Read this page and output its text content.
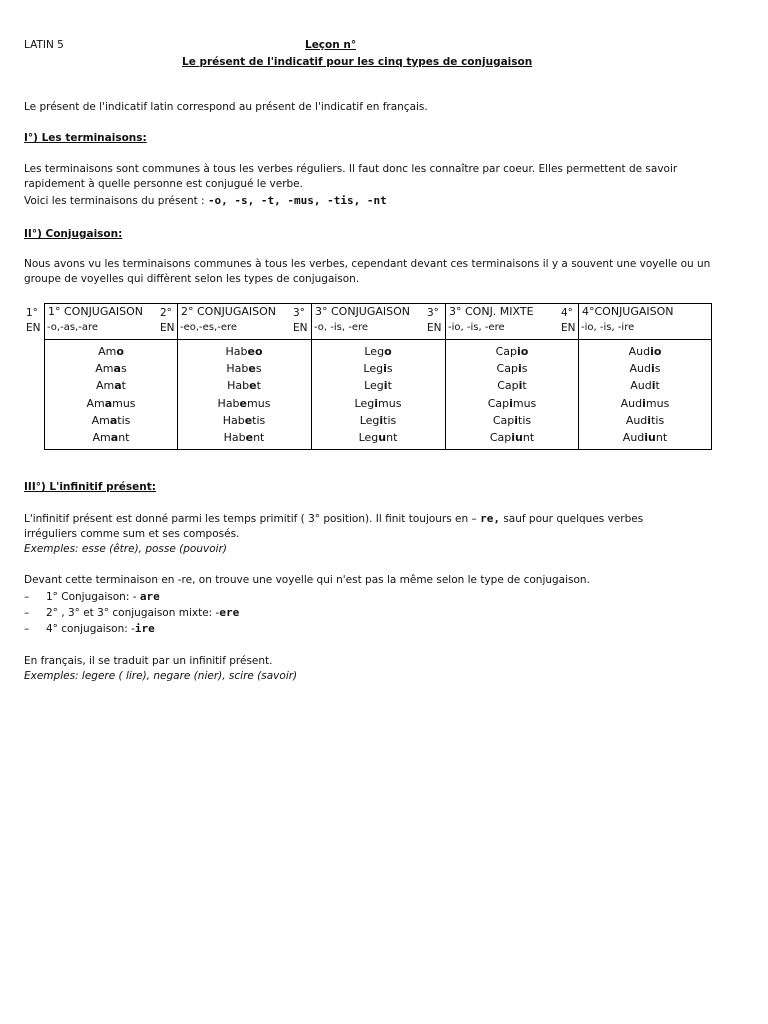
LATIN 5	Leçon n°
Le présent de l'indicatif pour les cinq types de conjugaison
Le présent de l'indicatif latin correspond au présent de l'indicatif en français.
I°) Les terminaisons:
Les terminaisons sont communes à tous les verbes réguliers. Il faut donc les connaître par coeur. Elles permettent de savoir
rapidement à quelle personne est conjugué le verbe.
Voici les terminaisons du présent : -o, -s, -t, -mus, -tis, -nt
II°) Conjugaison:
Nous avons vu les terminaisons communes à tous les verbes, cependant devant ces terminaisons il y a souvent une voyelle ou un
groupe de voyelles qui diffèrent selon les types de conjugaison.
1°
EN
2°
EN
3°
EN
3°
EN
4°
EN
1° CONJUGAISON
-o,-as,-are
Amo
Amas
Amat
Amamus
Amatis
Amant
2° CONJUGAISON
-eo,-es,-ere
Habeo
Habes
Habet
Habemus
Habetis
Habent
3° CONJUGAISON
-o, -is, -ere
Lego
Legis
Legit
Legimus
Legitis
Legunt
3° CONJ. MIXTE
-io, -is, -ere
Capio
Capis
Capit
Capimus
Capitis
Capiunt
4°CONJUGAISON
-io, -is, -ire
Audio
Audis
Audit
Audimus
Auditis
Audiunt
III°) L'infinitif présent:
L'infinitif présent est donné parmi les temps primitif ( 3° position). Il finit toujours en – re, sauf pour quelques verbes
irréguliers comme sum et ses composés.
Exemples: esse (être), posse (pouvoir)
Devant cette terminaison en -re, on trouve une voyelle qui n'est pas la même selon le type de conjugaison.
– 1° Conjugaison: - are
– 2° , 3° et 3° conjugaison mixte: -ere
– 4° conjugaison: -ire
En français, il se traduit par un infinitif présent.
Exemples: legere ( lire), negare (nier), scire (savoir)
